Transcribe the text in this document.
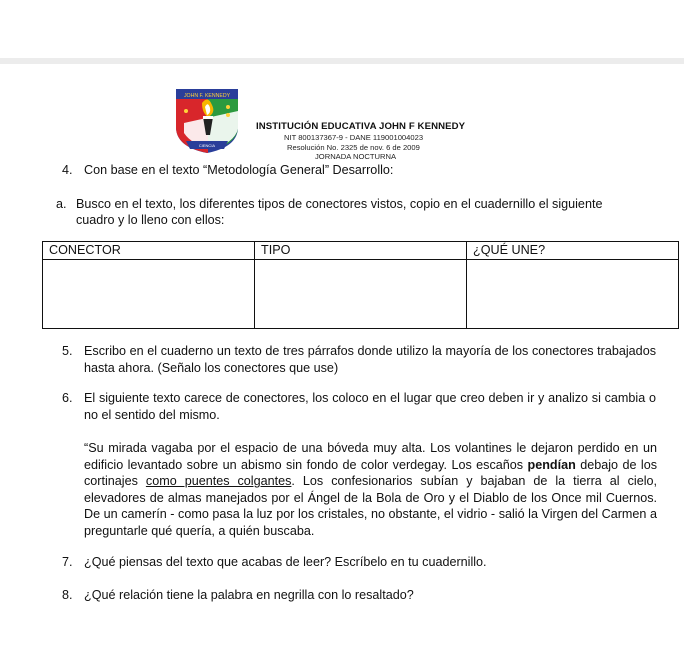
JOHN F. KENNEDY
CIENCIA
INSTITUCIÓN EDUCATIVA JOHN F KENNEDY
NIT 800137367-9 - DANE 119001004023
Resolución No. 2325 de nov. 6 de 2009
JORNADA NOCTURNA
4. Con base en el texto “Metodología General” Desarrollo:
a. Busco en el texto, los diferentes tipos de conectores vistos, copio en el cuadernillo el siguiente
cuadro y lo lleno con ellos:
CONECTOR	TIPO	¿QUÉ UNE?

5. Escribo en el cuaderno un texto de tres párrafos donde utilizo la mayoría de los conectores trabajados hasta ahora. (Señalo los conectores que use)
6. El siguiente texto carece de conectores, los coloco en el lugar que creo deben ir y analizo si cambia o no el sentido del mismo.
“Su mirada vagaba por el espacio de una bóveda muy alta. Los volantines le dejaron perdido en un edificio levantado sobre un abismo sin fondo de color verdegay. Los escaños pendían debajo de los cortinajes como puentes colgantes. Los confesionarios subían y bajaban de la tierra al cielo, elevadores de almas manejados por el Ángel de la Bola de Oro y el Diablo de los Once mil Cuernos. De un camerín - como pasa la luz por los cristales, no obstante, el vidrio - salió la Virgen del Carmen a preguntarle qué quería, a quién buscaba.
7. ¿Qué piensas del texto que acabas de leer? Escríbelo en tu cuadernillo.
8. ¿Qué relación tiene la palabra en negrilla con lo resaltado?
